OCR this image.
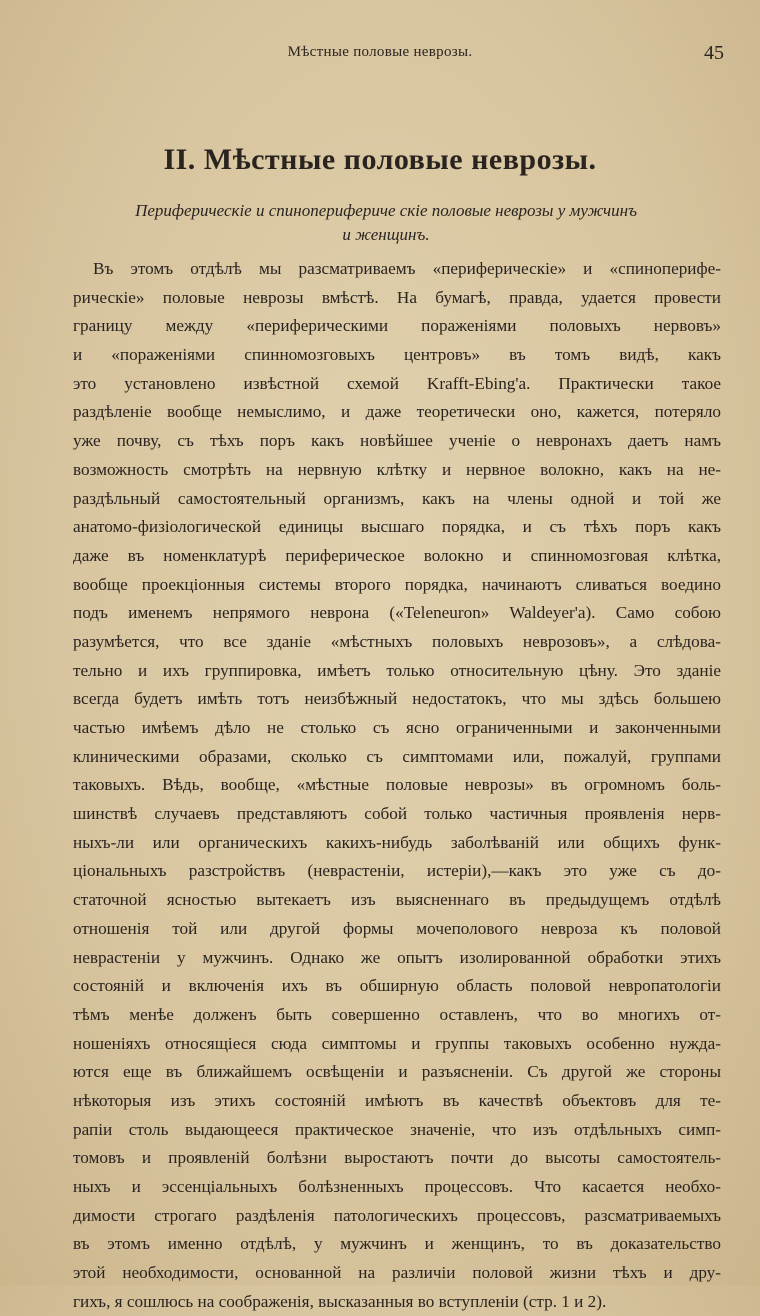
Мѣстные половые неврозы.	45
II. Мѣстные половые неврозы.
Периферическіе и спиноперифериче скіе половые неврозы у мужчинъ
и женщинъ.
Въ этомъ отдѣлѣ мы разсматриваемъ «периферическіе» и «спиноперифе-
рическіе» половые неврозы вмѣстѣ. На бумагѣ, правда, удается провести
границу между «периферическими пораженіями половыхъ нервовъ»
и «пораженіями спинномозговыхъ центровъ» въ томъ видѣ, какъ
это установлено извѣстной схемой Krafft-Ebing'а. Практически такое
раздѣленіе вообще немыслимо, и даже теоретически оно, кажется, потеряло
уже почву, съ тѣхъ поръ какъ новѣйшее ученіе о невронахъ даетъ намъ
возможность смотрѣть на нервную клѣтку и нервное волокно, какъ на не-
раздѣльный самостоятельный организмъ, какъ на члены одной и той же
анатомо-физіологической единицы высшаго порядка, и съ тѣхъ поръ какъ
даже въ номенклатурѣ периферическое волокно и спинномозговая клѣтка,
вообще проекціонныя системы второго порядка, начинаютъ сливаться воедино
подъ именемъ непрямого неврона («Teleneuron» Waldeyer'а). Само собою
разумѣется, что все зданіе «мѣстныхъ половыхъ неврозовъ», а слѣдова-
тельно и ихъ группировка, имѣетъ только относительную цѣну. Это зданіе
всегда будетъ имѣть тотъ неизбѣжный недостатокъ, что мы здѣсь большею
частью имѣемъ дѣло не столько съ ясно ограниченными и законченными
клиническими образами, сколько съ симптомами или, пожалуй, группами
таковыхъ. Вѣдь, вообще, «мѣстные половые неврозы» въ огромномъ боль-
шинствѣ случаевъ представляютъ собой только частичныя проявленія нерв-
ныхъ-ли или органическихъ какихъ-нибудь заболѣваній или общихъ функ-
ціональныхъ разстройствъ (неврастеніи, истеріи),—какъ это уже съ до-
статочной ясностью вытекаетъ изъ выясненнаго въ предыдущемъ отдѣлѣ
отношенія той или другой формы мочеполового невроза къ половой
неврастеніи у мужчинъ. Однако же опытъ изолированной обработки этихъ
состояній и включенія ихъ въ обширную область половой невропатологіи
тѣмъ менѣе долженъ быть совершенно оставленъ, что во многихъ от-
ношеніяхъ относящіеся сюда симптомы и группы таковыхъ особенно нужда-
ются еще въ ближайшемъ освѣщеніи и разъясненіи. Съ другой же стороны
нѣкоторыя изъ этихъ состояній имѣютъ въ качествѣ объектовъ для те-
рапіи столь выдающееся практическое значеніе, что изъ отдѣльныхъ симп-
томовъ и проявленій болѣзни выростаютъ почти до высоты самостоятель-
ныхъ и эссенціальныхъ болѣзненныхъ процессовъ. Что касается необхо-
димости строгаго раздѣленія патологическихъ процессовъ, разсматриваемыхъ
въ этомъ именно отдѣлѣ, у мужчинъ и женщинъ, то въ доказательство
этой необходимости, основанной на различіи половой жизни тѣхъ и дру-
гихъ, я сошлюсь на соображенія, высказанныя во вступленіи (стр. 1 и 2).
